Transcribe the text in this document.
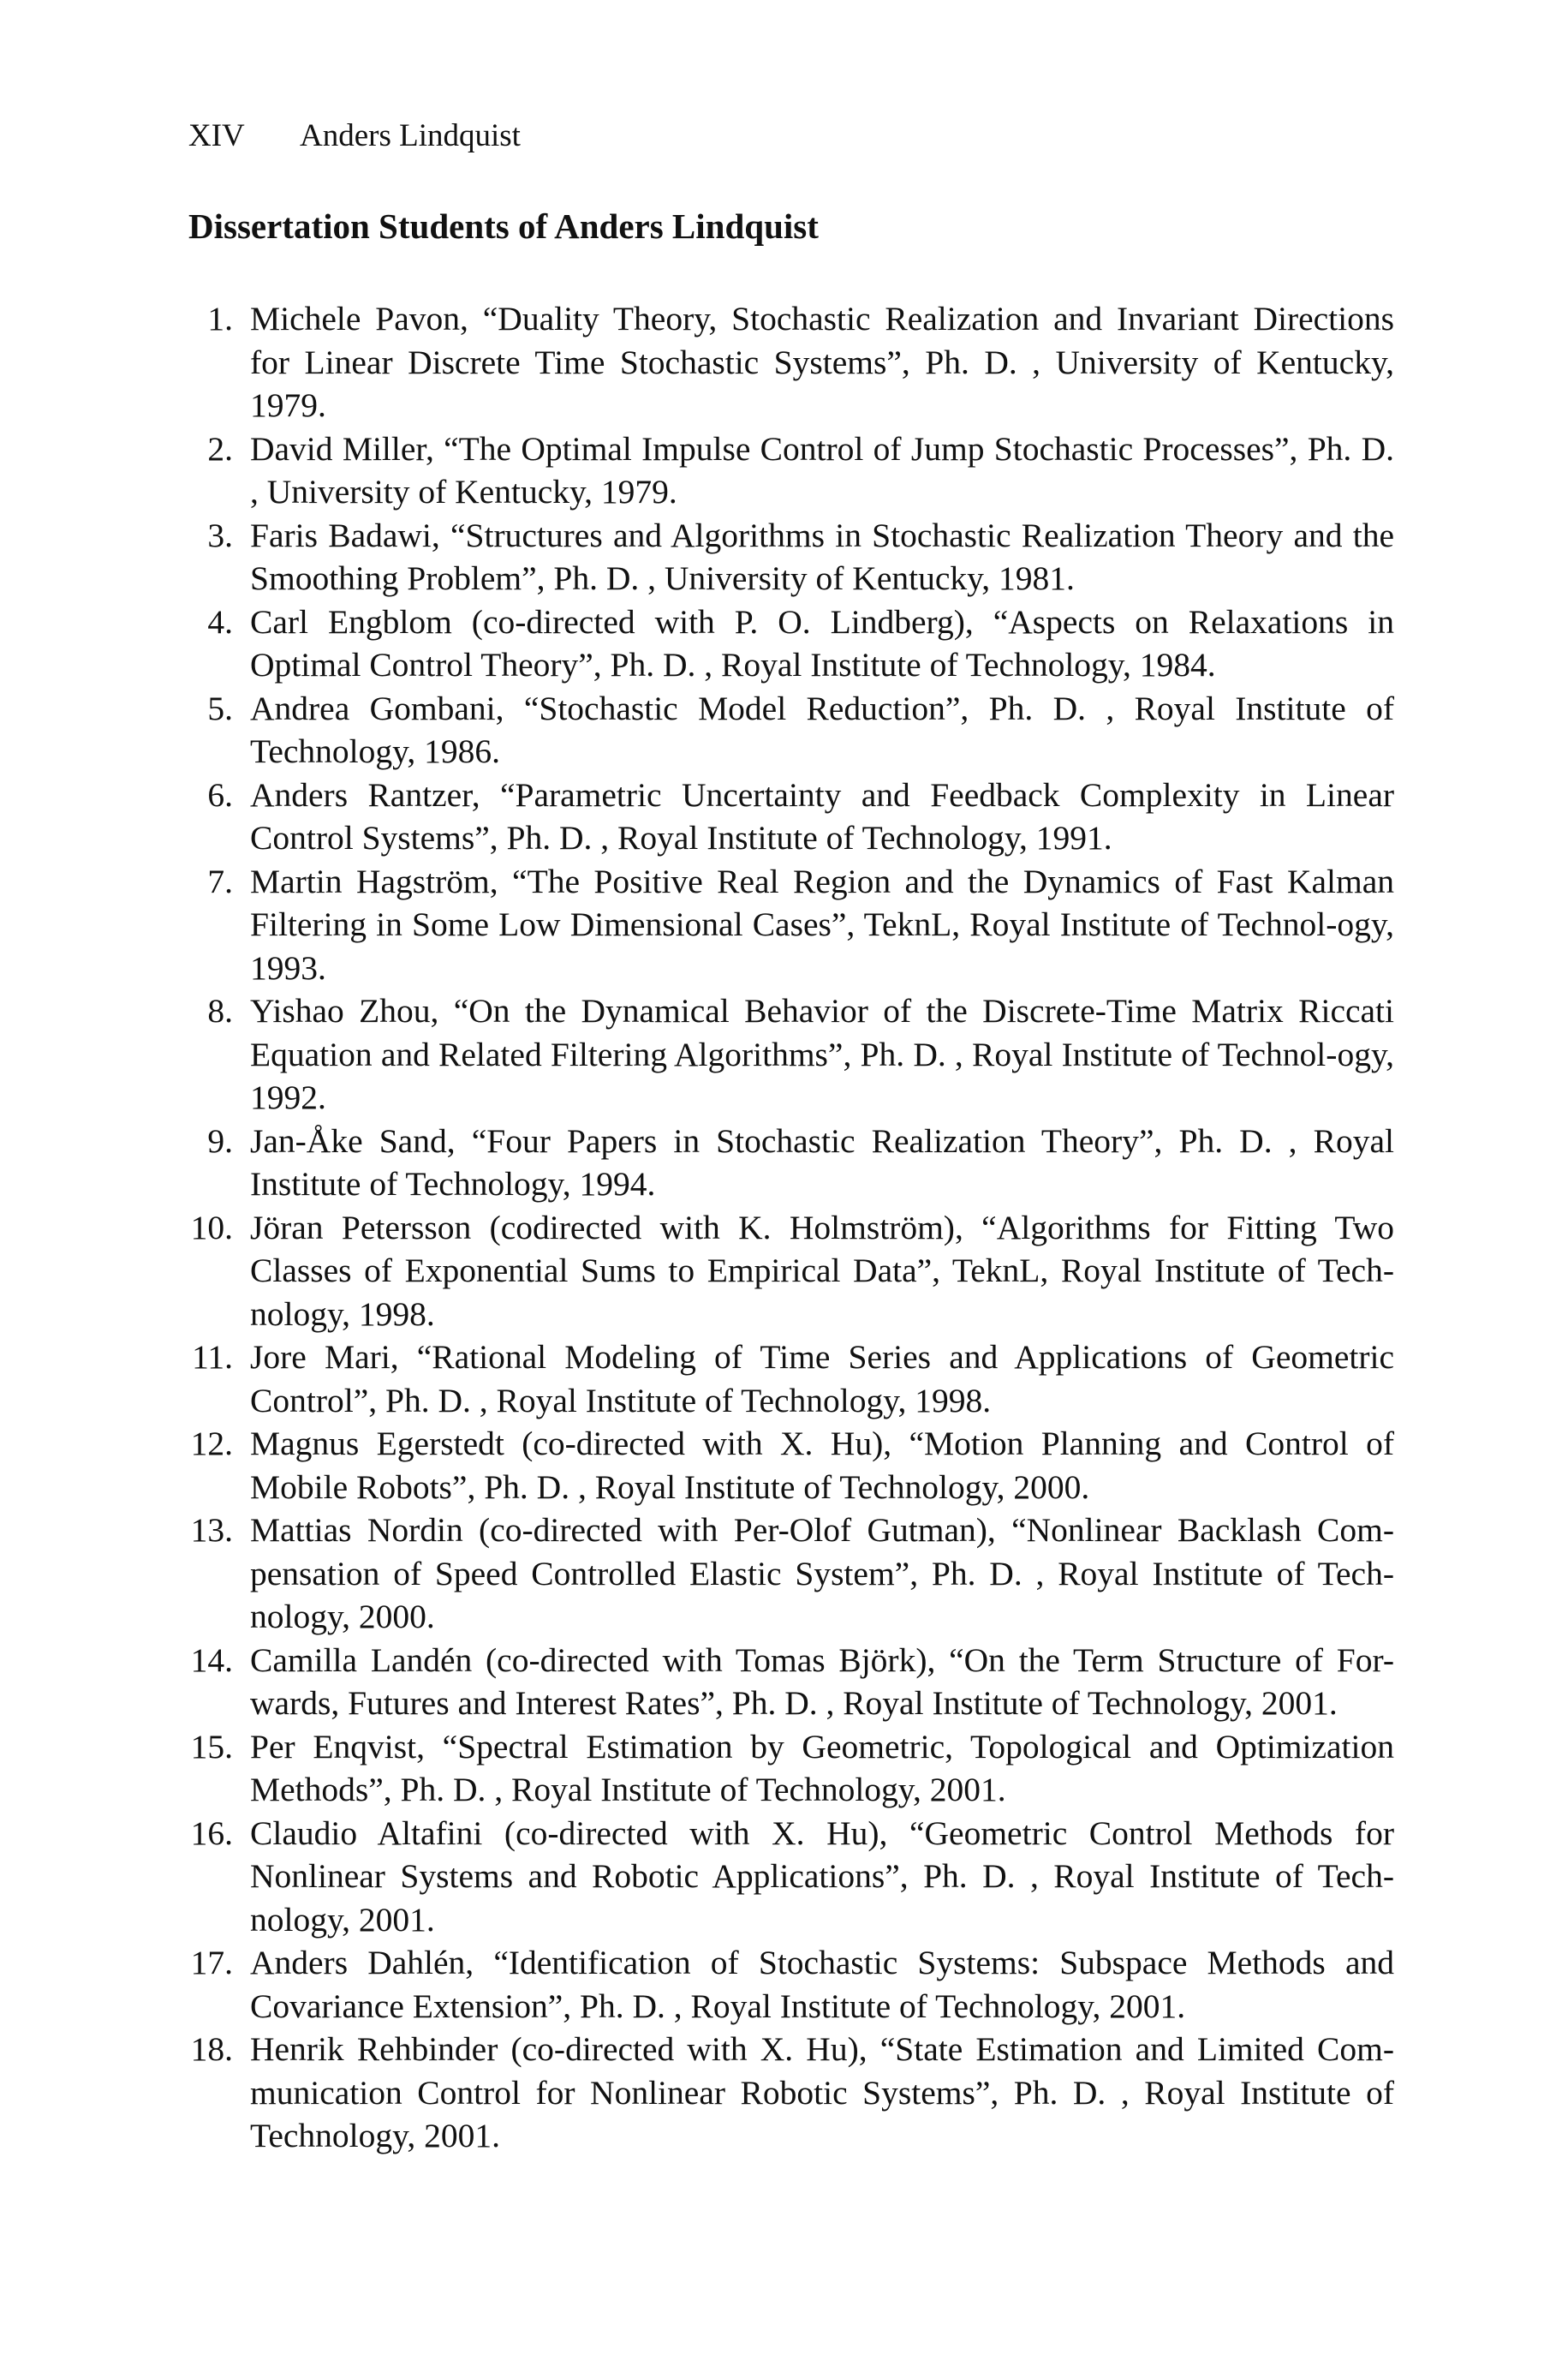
XIV	Anders Lindquist
Dissertation Students of Anders Lindquist
1. Michele Pavon, “Duality Theory, Stochastic Realization and Invariant Directions for Linear Discrete Time Stochastic Systems”, Ph. D. , University of Kentucky, 1979.
2. David Miller, “The Optimal Impulse Control of Jump Stochastic Processes”, Ph. D. , University of Kentucky, 1979.
3. Faris Badawi, “Structures and Algorithms in Stochastic Realization Theory and the Smoothing Problem”, Ph. D. , University of Kentucky, 1981.
4. Carl Engblom (co-directed with P. O. Lindberg), “Aspects on Relaxations in Optimal Control Theory”, Ph. D. , Royal Institute of Technology, 1984.
5. Andrea Gombani, “Stochastic Model Reduction”, Ph. D. , Royal Institute of Technology, 1986.
6. Anders Rantzer, “Parametric Uncertainty and Feedback Complexity in Linear Control Systems”, Ph. D. , Royal Institute of Technology, 1991.
7. Martin Hagström, “The Positive Real Region and the Dynamics of Fast Kalman Filtering in Some Low Dimensional Cases”, TeknL, Royal Institute of Technol-ogy, 1993.
8. Yishao Zhou, “On the Dynamical Behavior of the Discrete-Time Matrix Riccati Equation and Related Filtering Algorithms”, Ph. D. , Royal Institute of Technol-ogy, 1992.
9. Jan-Åke Sand, “Four Papers in Stochastic Realization Theory”, Ph. D. , Royal Institute of Technology, 1994.
10. Jöran Petersson (codirected with K. Holmström), “Algorithms for Fitting Two Classes of Exponential Sums to Empirical Data”, TeknL, Royal Institute of Tech-nology, 1998.
11. Jore Mari, “Rational Modeling of Time Series and Applications of Geometric Control”, Ph. D. , Royal Institute of Technology, 1998.
12. Magnus Egerstedt (co-directed with X. Hu), “Motion Planning and Control of Mobile Robots”, Ph. D. , Royal Institute of Technology, 2000.
13. Mattias Nordin (co-directed with Per-Olof Gutman), “Nonlinear Backlash Com-pensation of Speed Controlled Elastic System”, Ph. D. , Royal Institute of Tech-nology, 2000.
14. Camilla Landén (co-directed with Tomas Björk), “On the Term Structure of For-wards, Futures and Interest Rates”, Ph. D. , Royal Institute of Technology, 2001.
15. Per Enqvist, “Spectral Estimation by Geometric, Topological and Optimization Methods”, Ph. D. , Royal Institute of Technology, 2001.
16. Claudio Altafini (co-directed with X. Hu), “Geometric Control Methods for Nonlinear Systems and Robotic Applications”, Ph. D. , Royal Institute of Tech-nology, 2001.
17. Anders Dahlén, “Identification of Stochastic Systems: Subspace Methods and Covariance Extension”, Ph. D. , Royal Institute of Technology, 2001.
18. Henrik Rehbinder (co-directed with X. Hu), “State Estimation and Limited Com-munication Control for Nonlinear Robotic Systems”, Ph. D. , Royal Institute of Technology, 2001.
